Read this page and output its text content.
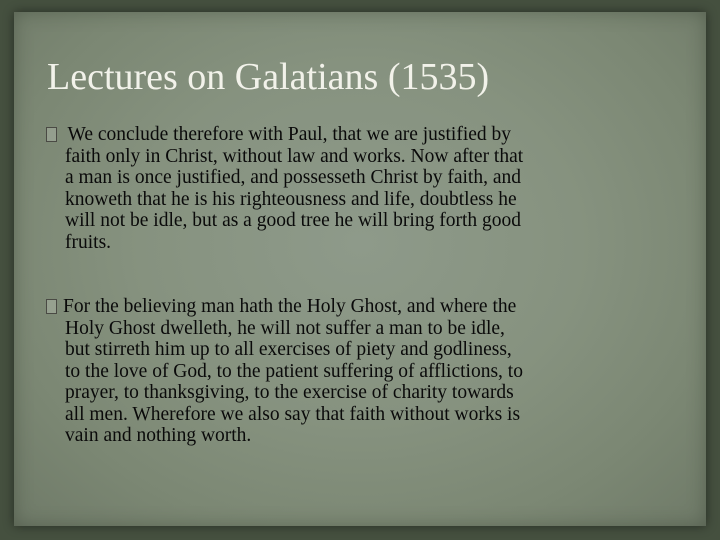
Lectures on Galatians (1535)
We conclude therefore with Paul, that we are justified by
faith only in Christ, without law and works. Now after that
a man is once justified, and possesseth Christ by faith, and
knoweth that he is his righteousness and life, doubtless he
will not be idle, but as a good tree he will bring forth good
fruits.
For the believing man hath the Holy Ghost, and where the
Holy Ghost dwelleth, he will not suffer a man to be idle,
but stirreth him up to all exercises of piety and godliness,
to the love of God, to the patient suffering of afflictions, to
prayer, to thanksgiving, to the exercise of charity towards
all men. Wherefore we also say that faith without works is
vain and nothing worth.
